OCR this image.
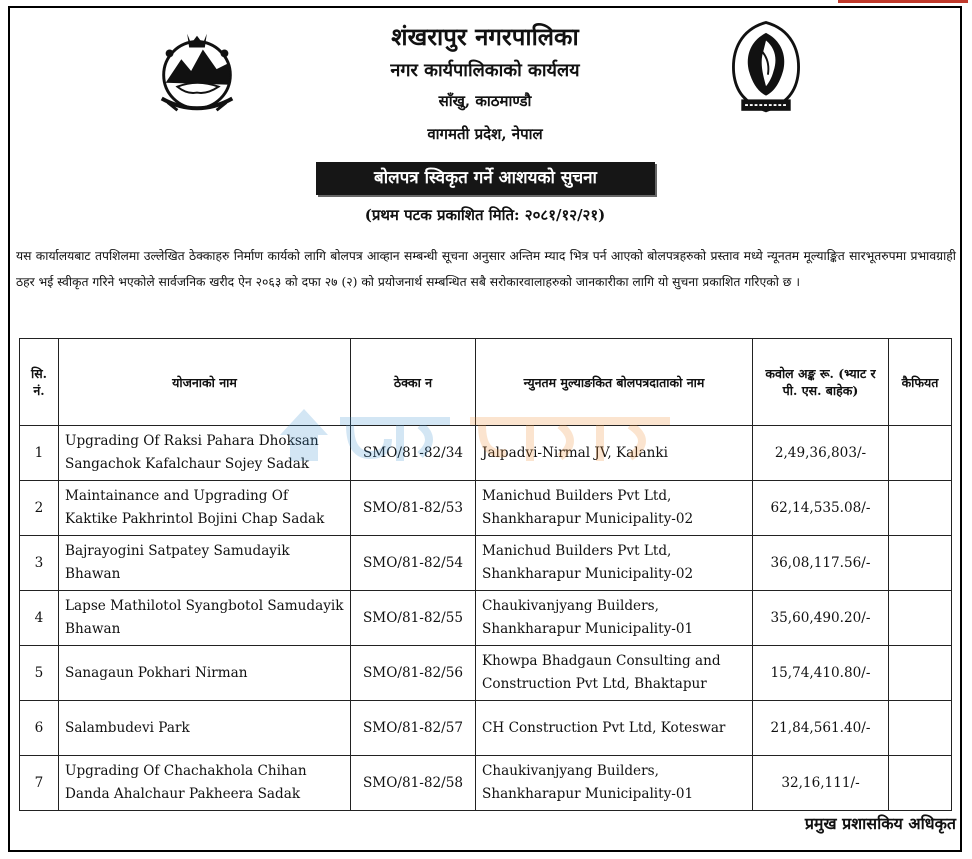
शंखरापुर नगरपालिका
नगर कार्यपालिकाको कार्यलय
साँखु, काठमाण्डौ
वागमती प्रदेश, नेपाल
बोलपत्र स्विकृत गर्ने आशयको सुचना
(प्रथम पटक प्रकाशित मिति: २०८१/१२/२१)
यस कार्यालयबाट तपशिलमा उल्लेखित ठेक्काहरु निर्माण कार्यको लागि बोलपत्र आव्हान सम्बन्धी सूचना अनुसार अन्तिम म्याद भित्र पर्न आएको बोलपत्रहरुको प्रस्ताव मध्ये न्यूनतम मूल्याङ्कित सारभूतरुपमा प्रभावग्राही ठहर भई स्वीकृत गरिने भएकोले सार्वजनिक खरीद ऐन २०६३ को दफा २७ (२) को प्रयोजनार्थ सम्बन्धित सबै सरोकारवालाहरुको जानकारीका लागि यो सुचना प्रकाशित गरिएको छ ।
सि. नं.	योजनाको नाम	ठेक्का न	न्युनतम मुल्याङकित बोलपत्रदाताको नाम	कवोल अङ्क रू. (भ्याट र पी. एस. बाहेक)	कैफियत
1	Upgrading Of Raksi Pahara Dhoksan Sangachok Kafalchaur Sojey Sadak	SMO/81-82/34	Jalpadvi-Nirmal JV, Kalanki	2,49,36,803/-	
2	Maintainance and Upgrading Of Kaktike Pakhrintol Bojini Chap Sadak	SMO/81-82/53	Manichud Builders Pvt Ltd, Shankharapur Municipality-02	62,14,535.08/-	
3	Bajrayogini Satpatey Samudayik Bhawan	SMO/81-82/54	Manichud Builders Pvt Ltd, Shankharapur Municipality-02	36,08,117.56/-	
4	Lapse Mathilotol Syangbotol Samudayik Bhawan	SMO/81-82/55	Chaukivanjyang Builders, Shankharapur Municipality-01	35,60,490.20/-	
5	Sanagaun Pokhari Nirman	SMO/81-82/56	Khowpa Bhadgaun Consulting and Construction Pvt Ltd, Bhaktapur	15,74,410.80/-	
6	Salambudevi Park	SMO/81-82/57	CH Construction Pvt Ltd, Koteswar	21,84,561.40/-	
7	Upgrading Of Chachakhola Chihan Danda Ahalchaur Pakheera Sadak	SMO/81-82/58	Chaukivanjyang Builders, Shankharapur Municipality-01	32,16,111/-	
प्रमुख प्रशासकिय अधिकृत
